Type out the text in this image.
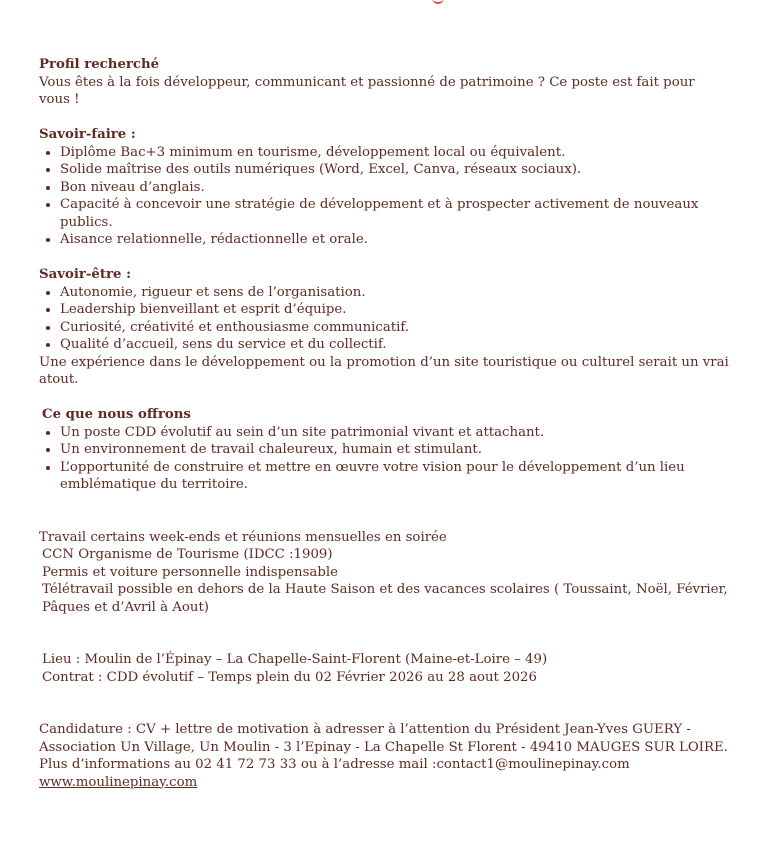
Profil recherché

Vous êtes à la fois développeur, communicant et passionné de patrimoine ? Ce poste est fait pour vous !

Savoir-faire :

• Diplôme Bac+3 minimum en tourisme, développement local ou équivalent.
• Solide maîtrise des outils numériques (Word, Excel, Canva, réseaux sociaux).
• Bon niveau d’anglais.
• Capacité à concevoir une stratégie de développement et à prospecter activement de nouveaux publics.
• Aisance relationnelle, rédactionnelle et orale.

Savoir-être :

• Autonomie, rigueur et sens de l’organisation.
• Leadership bienveillant et esprit d’équipe.
• Curiosité, créativité et enthousiasme communicatif.
• Qualité d’accueil, sens du service et du collectif.

Une expérience dans le développement ou la promotion d’un site touristique ou culturel serait un vrai atout.

Ce que nous offrons

• Un poste CDD évolutif au sein d’un site patrimonial vivant et attachant.
• Un environnement de travail chaleureux, humain et stimulant.
• L’opportunité de construire et mettre en œuvre votre vision pour le développement d’un lieu emblématique du territoire.

Travail certains week-ends et réunions mensuelles en soirée

CCN Organisme de Tourisme (IDCC :1909)

Permis et voiture personnelle indispensable

Télétravail possible en dehors de la Haute Saison et des vacances scolaires ( Toussaint, Noël, Février, Pâques et d’Avril à Aout)

Lieu : Moulin de l’Épinay – La Chapelle-Saint-Florent (Maine-et-Loire – 49)

Contrat : CDD évolutif – Temps plein du 02 Février 2026 au 28 aout 2026

Candidature : CV + lettre de motivation à adresser à l’attention du Président Jean-Yves GUERY - Association Un Village, Un Moulin - 3 l’Epinay - La Chapelle St Florent - 49410 MAUGES SUR LOIRE.

Plus d’informations au 02 41 72 73 33 ou à l’adresse mail :contact1@moulinepinay.com

www.moulinepinay.com
